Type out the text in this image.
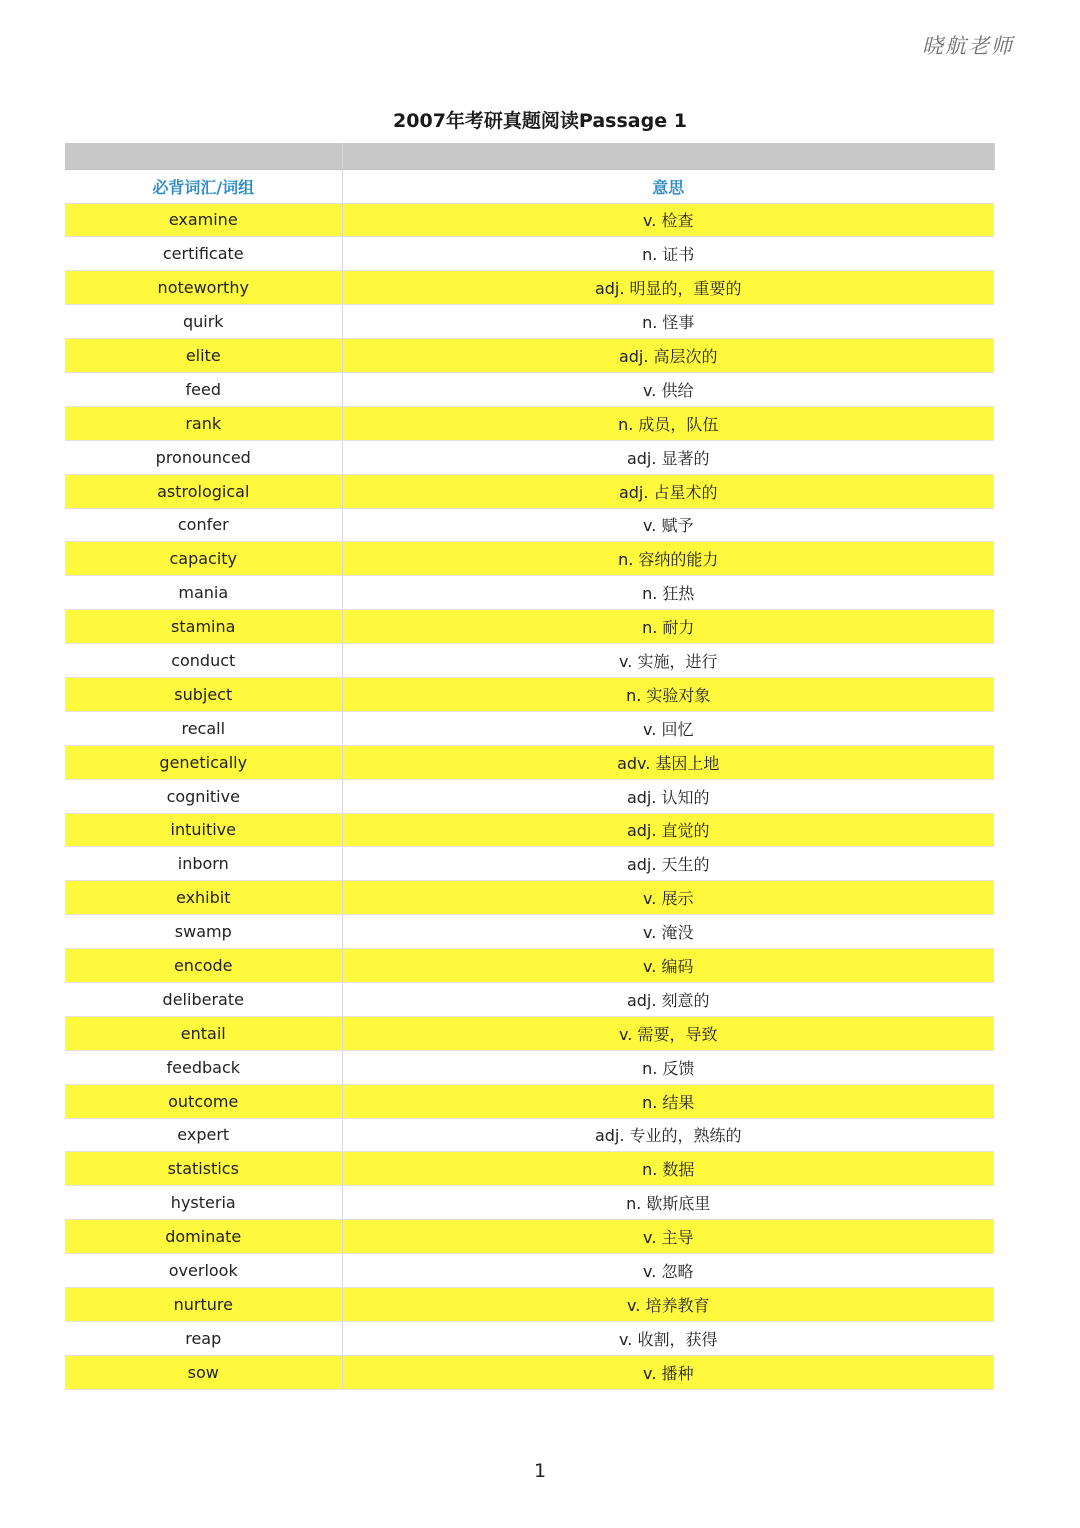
晓航老师
2007年考研真题阅读Passage 1

必背词汇/词组	意思
examine	v. 检查
certificate	n. 证书
noteworthy	adj. 明显的，重要的
quirk	n. 怪事
elite	adj. 高层次的
feed	v. 供给
rank	n. 成员，队伍
pronounced	adj. 显著的
astrological	adj. 占星术的
confer	v. 赋予
capacity	n. 容纳的能力
mania	n. 狂热
stamina	n. 耐力
conduct	v. 实施，进行
subject	n. 实验对象
recall	v. 回忆
genetically	adv. 基因上地
cognitive	adj. 认知的
intuitive	adj. 直觉的
inborn	adj. 天生的
exhibit	v. 展示
swamp	v. 淹没
encode	v. 编码
deliberate	adj. 刻意的
entail	v. 需要，导致
feedback	n. 反馈
outcome	n. 结果
expert	adj. 专业的，熟练的
statistics	n. 数据
hysteria	n. 歇斯底里
dominate	v. 主导
overlook	v. 忽略
nurture	v. 培养教育
reap	v. 收割，获得
sow	v. 播种
1
